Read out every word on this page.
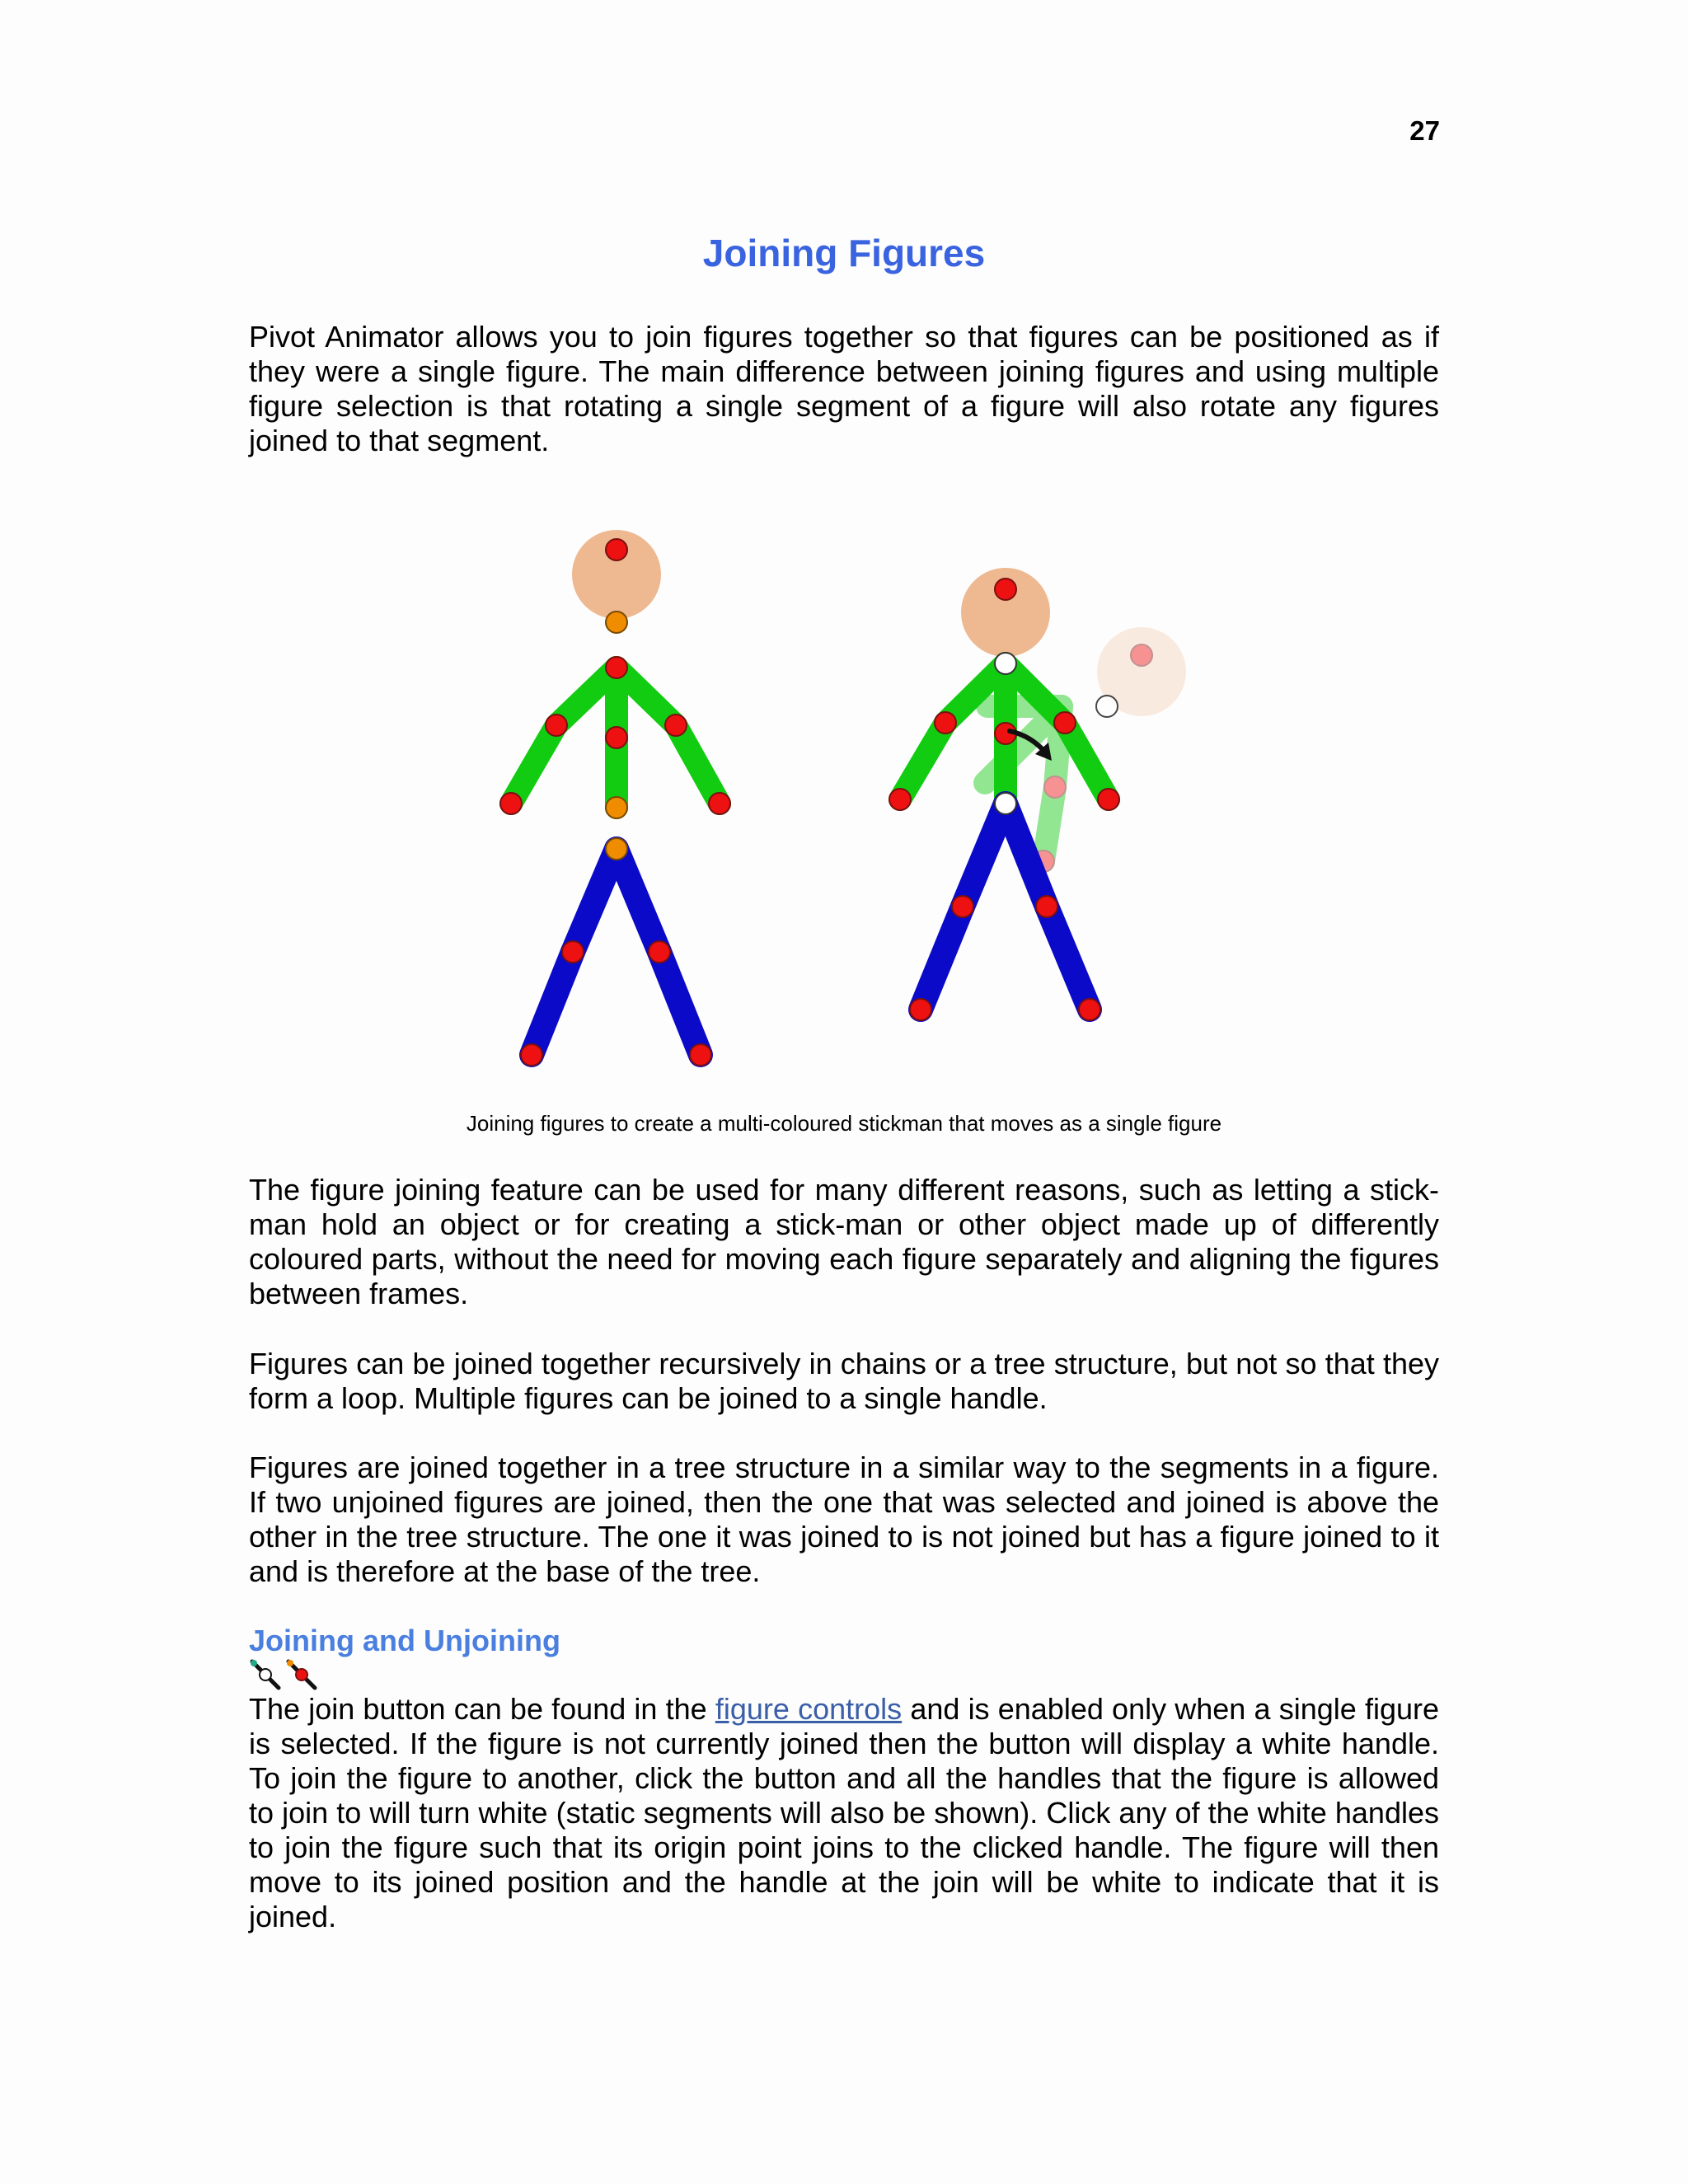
27
Joining Figures

Pivot Animator allows you to join figures together so that figures can be positioned as if they were a single figure. The main difference between joining figures and using multiple figure selection is that rotating a single segment of a figure will also rotate any figures joined to that segment.

Joining figures to create a multi-coloured stickman that moves as a single figure

The figure joining feature can be used for many different reasons, such as letting a stick-man hold an object or for creating a stick-man or other object made up of differently coloured parts, without the need for moving each figure separately and aligning the figures between frames.

Figures can be joined together recursively in chains or a tree structure, but not so that they form a loop. Multiple figures can be joined to a single handle.

Figures are joined together in a tree structure in a similar way to the segments in a figure. If two unjoined figures are joined, then the one that was selected and joined is above the other in the tree structure. The one it was joined to is not joined but has a figure joined to it and is therefore at the base of the tree.

Joining and Unjoining

The join button can be found in the figure controls and is enabled only when a single figure is selected. If the figure is not currently joined then the button will display a white handle. To join the figure to another, click the button and all the handles that the figure is allowed to join to will turn white (static segments will also be shown). Click any of the white handles to join the figure such that its origin point joins to the clicked handle. The figure will then move to its joined position and the handle at the join will be white to indicate that it is joined.
